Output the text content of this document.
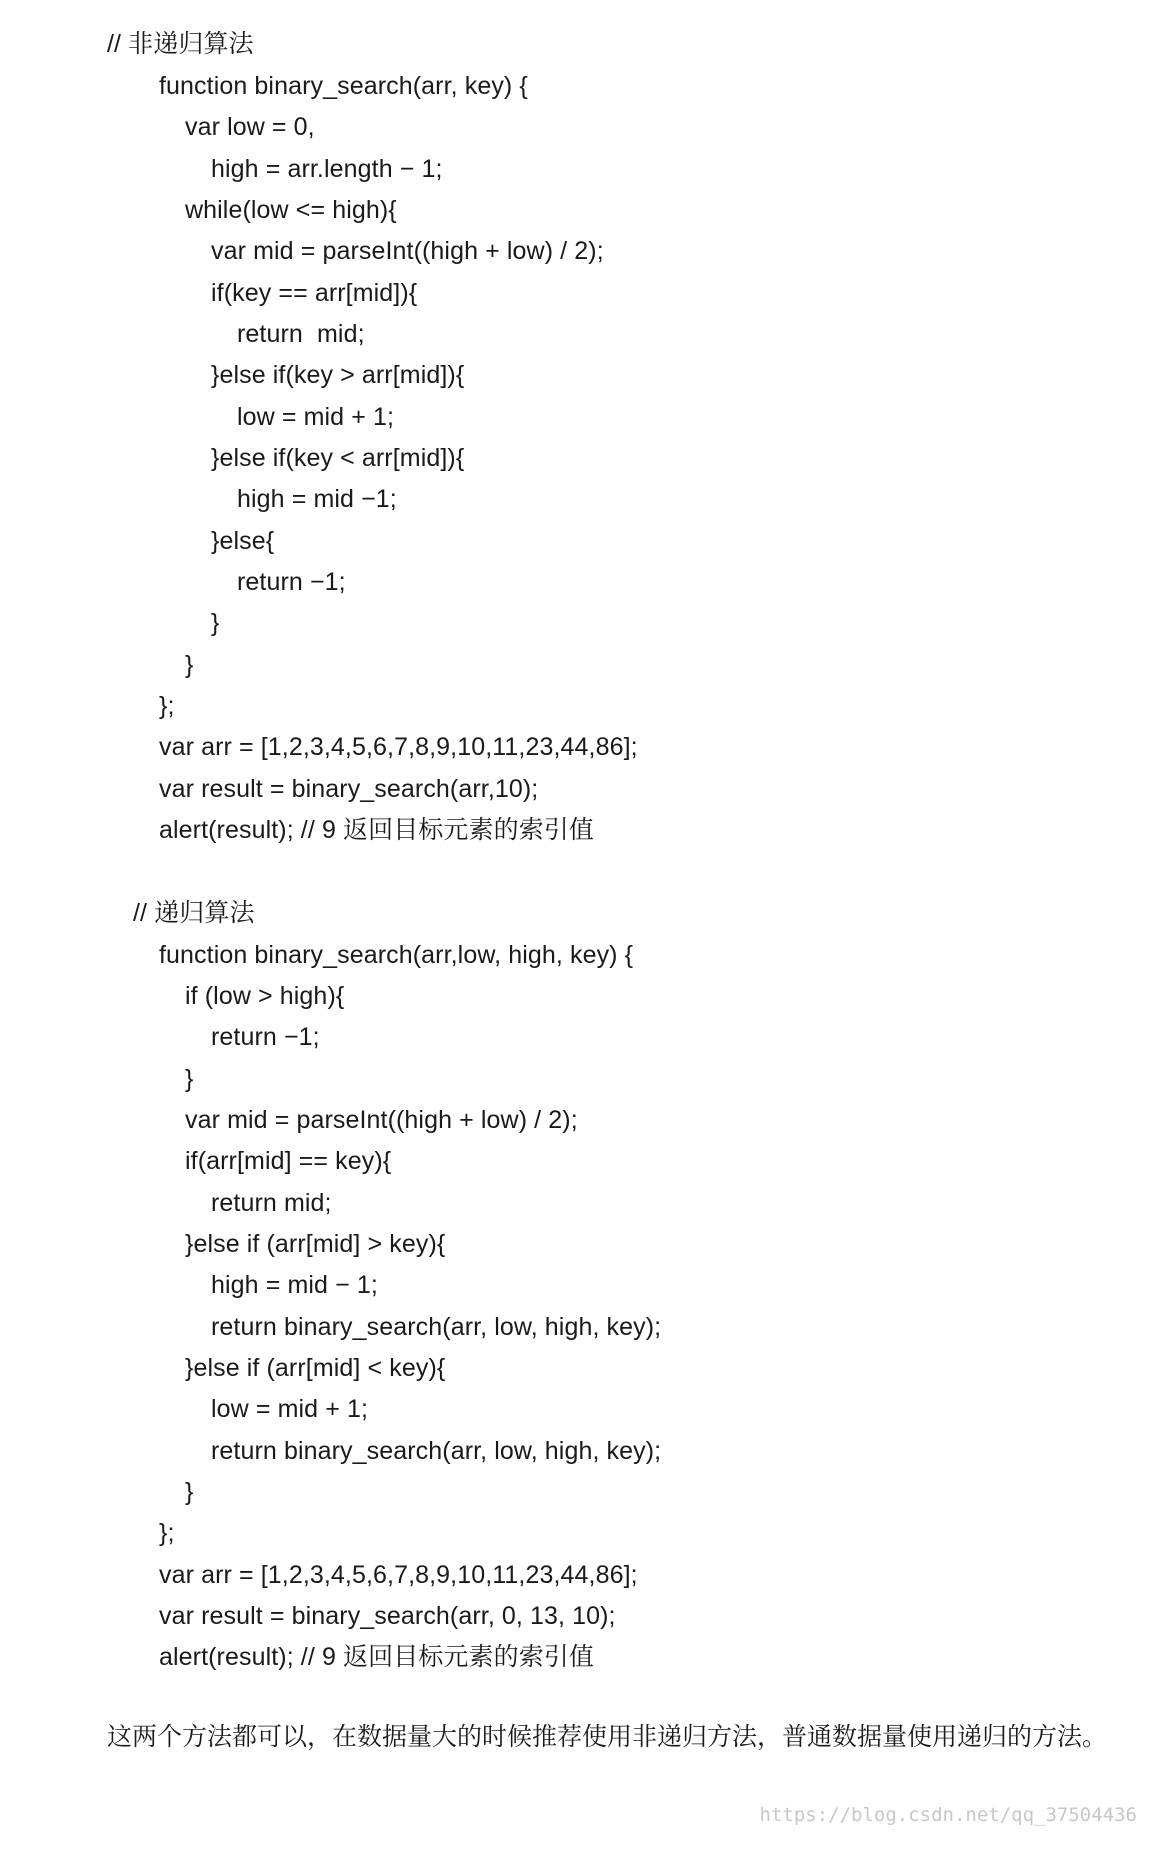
// 非递归算法
function binary_search(arr, key) {
var low = 0,
high = arr.length − 1;
while(low <= high){
var mid = parseInt((high + low) / 2);
if(key == arr[mid]){
return  mid;
}else if(key > arr[mid]){
low = mid + 1;
}else if(key < arr[mid]){
high = mid −1;
}else{
return −1;
}
}
};
var arr = [1,2,3,4,5,6,7,8,9,10,11,23,44,86];
var result = binary_search(arr,10);
alert(result); // 9 返回目标元素的索引值
// 递归算法
function binary_search(arr,low, high, key) {
if (low > high){
return −1;
}
var mid = parseInt((high + low) / 2);
if(arr[mid] == key){
return mid;
}else if (arr[mid] > key){
high = mid − 1;
return binary_search(arr, low, high, key);
}else if (arr[mid] < key){
low = mid + 1;
return binary_search(arr, low, high, key);
}
};
var arr = [1,2,3,4,5,6,7,8,9,10,11,23,44,86];
var result = binary_search(arr, 0, 13, 10);
alert(result); // 9 返回目标元素的索引值
这两个方法都可以，在数据量大的时候推荐使用非递归方法，普通数据量使用递归的方法。
https://blog.csdn.net/qq_37504436
